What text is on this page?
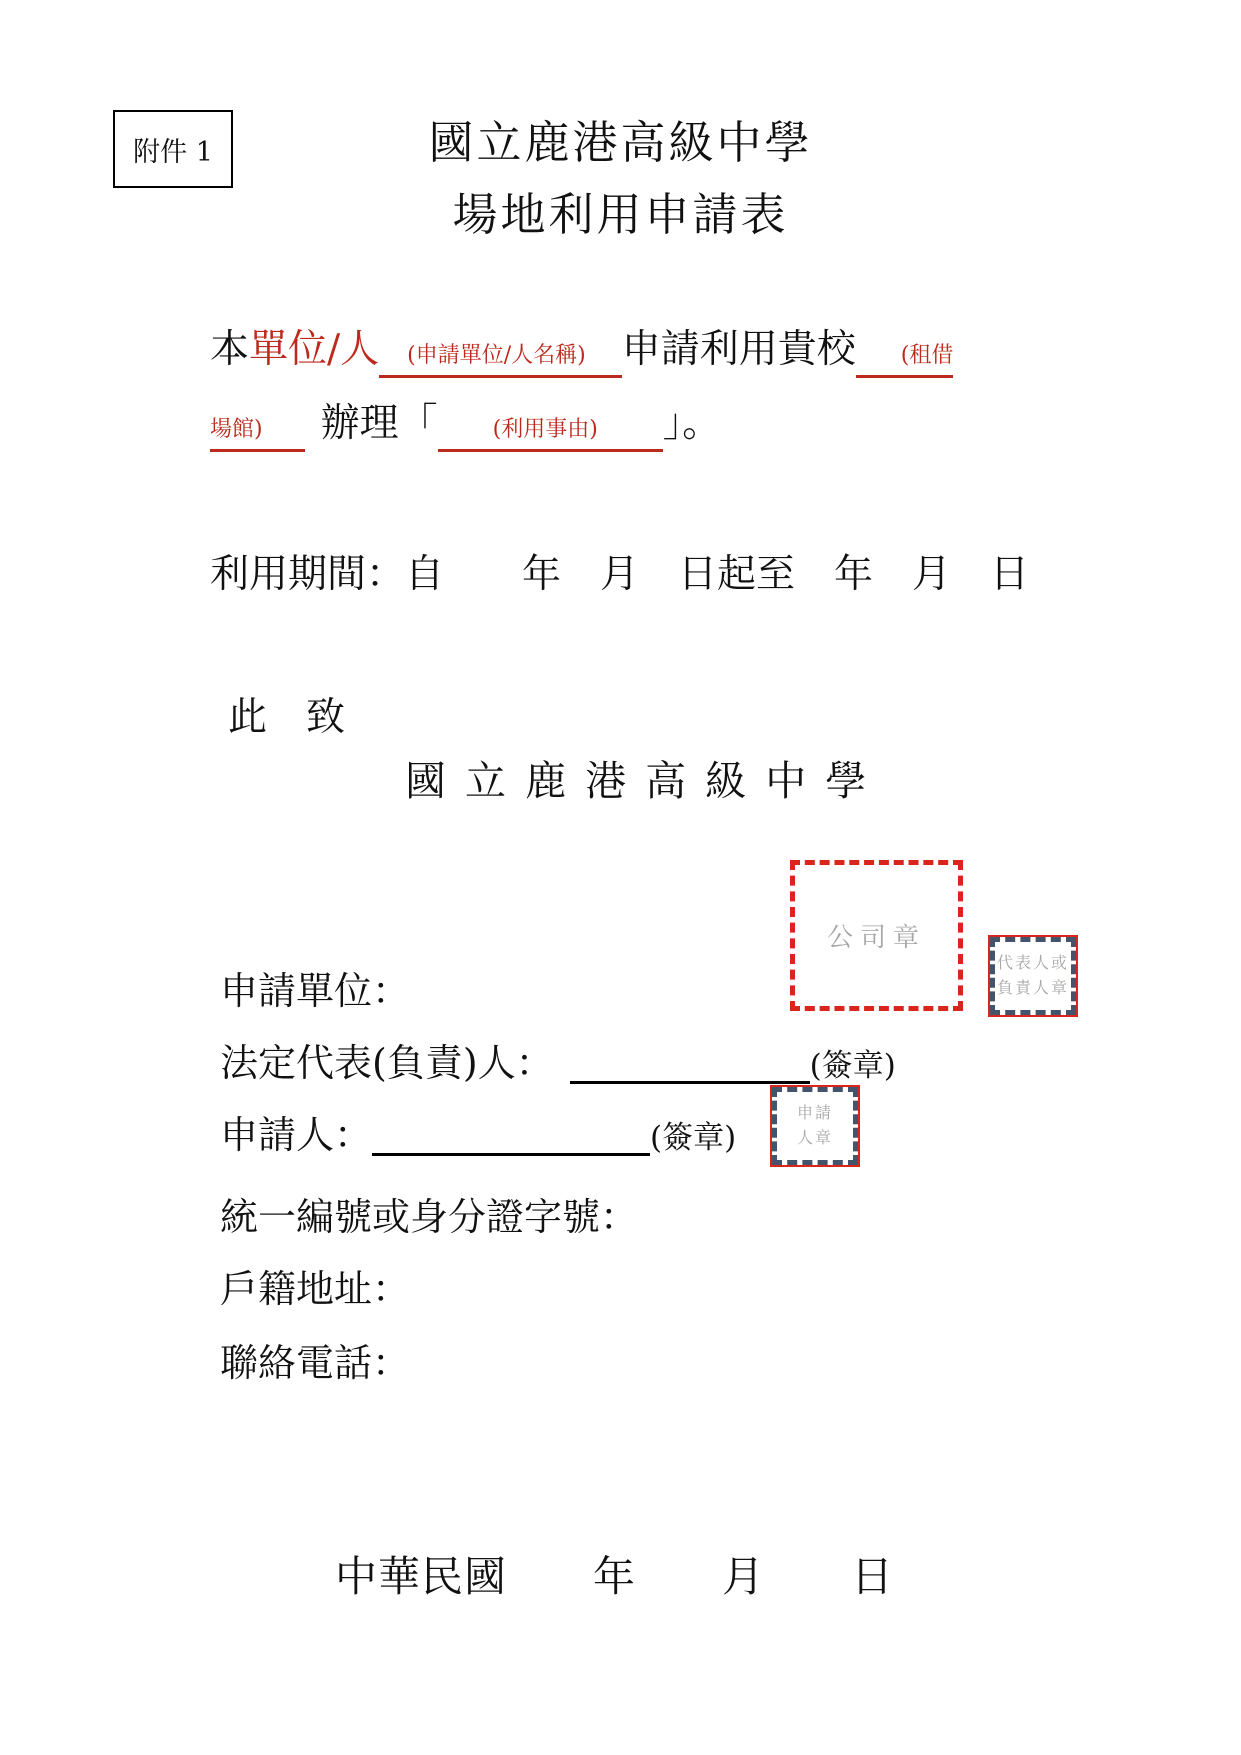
附件 1	國立鹿港高級中學
場地利用申請表
本單位/人 (申請單位/人名稱) 申請利用貴校 (租借
場館) 辦理「	(利用事由) 」。
利用期間：自　　年　月　日起至　年　月　日
此　致
國 立 鹿 港 高 級 中 學
公司章
代表人或
負責人章
申請單位：
法定代表(負責)人：	(簽章)
申請人：	(簽章)
申請
人章
統一編號或身分證字號：
戶籍地址：
聯絡電話：
中華民國　　年　　月　　日
